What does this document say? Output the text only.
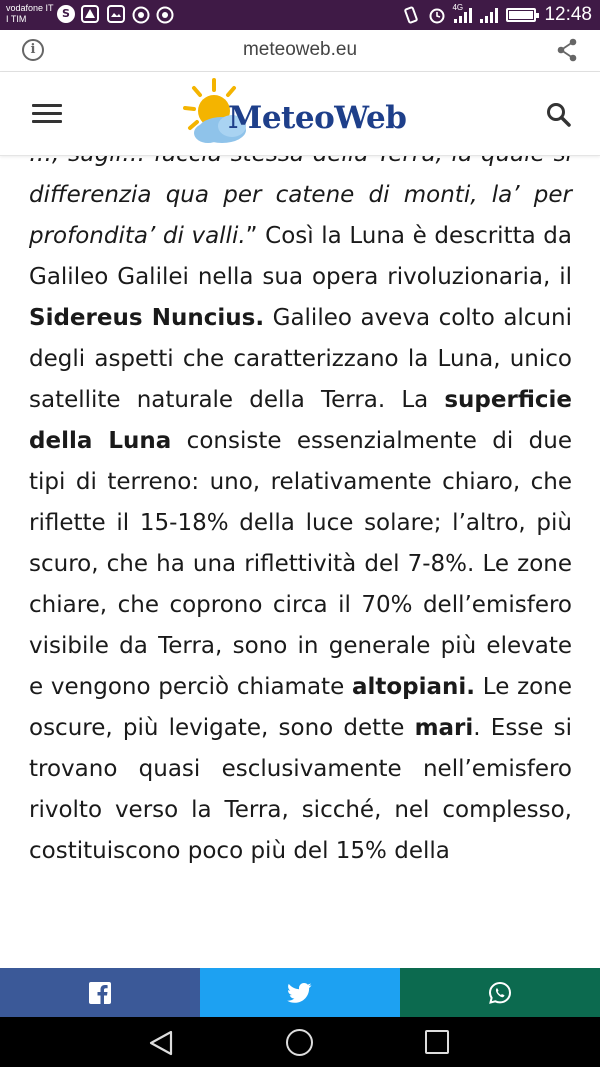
vodafone IT
I TIM	S	4G	12:48
i	meteoweb.eu
MeteoWeb

differenzia qua per catene di monti, la’ per profondita’ di valli.” Così la Luna è descritta da Galileo Galilei nella sua opera rivoluzionaria, il Sidereus Nuncius. Galileo aveva colto alcuni degli aspetti che caratterizzano la Luna, unico satellite naturale della Terra. La superficie della Luna consiste essenzialmente di due tipi di terreno: uno, relativamente chiaro, che riflette il 15-18% della luce solare; l’altro, più scuro, che ha una riflettività del 7-8%. Le zone chiare, che coprono circa il 70% dell’emisfero visibile da Terra, sono in generale più elevate e vengono perciò chiamate altopiani. Le zone oscure, più levigate, sono dette mari. Esse si trovano quasi esclusivamente nell’emisfero rivolto verso la Terra, sicché, nel complesso, costituiscono poco più del 15% della
